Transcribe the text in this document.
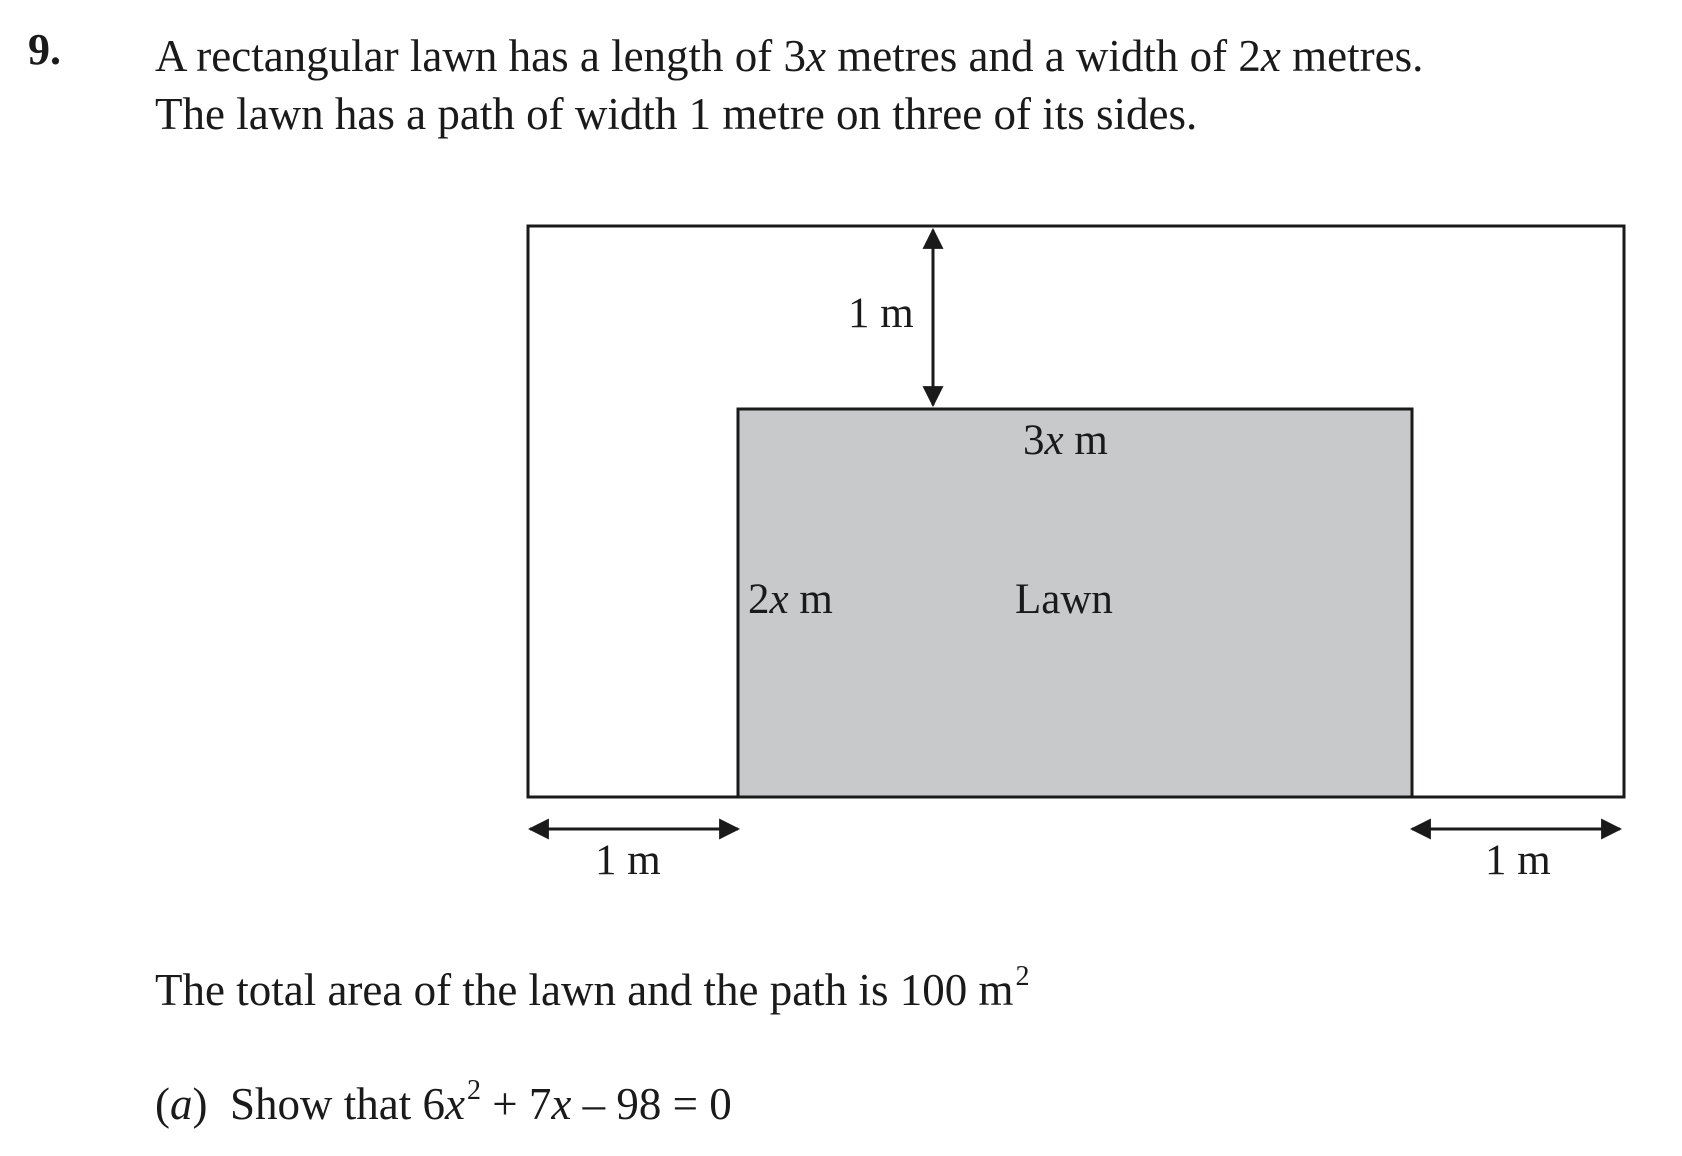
9. A rectangular lawn has a length of 3x metres and a width of 2x metres.
The lawn has a path of width 1 metre on three of its sides.
1 m
3x m
2x m	Lawn
1 m	1 m
The total area of the lawn and the path is 100 $m^2$
(a) Show that $6x^2 + 7x - 98 = 0$
